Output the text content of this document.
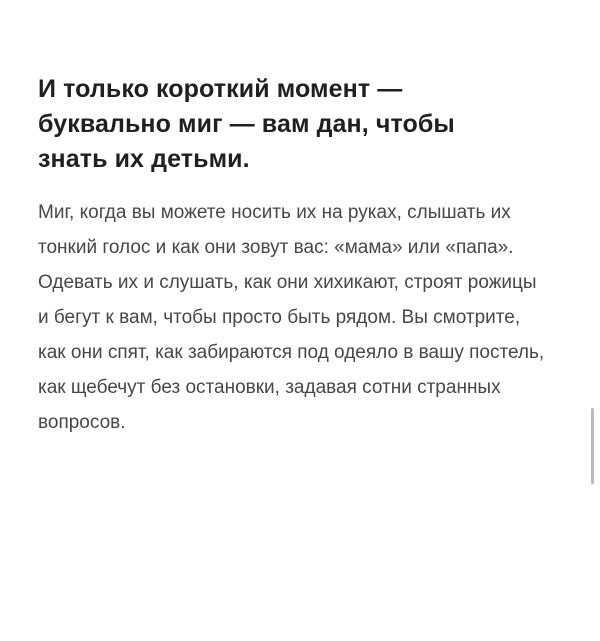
И только короткий момент — буквально миг — вам дан, чтобы знать их детьми.

Миг, когда вы можете носить их на руках, слышать их тонкий голос и как они зовут вас: «мама» или «папа». Одевать их и слушать, как они хихикают, строят рожицы и бегут к вам, чтобы просто быть рядом. Вы смотрите, как они спят, как забираются под одеяло в вашу постель, как щебечут без остановки, задавая сотни странных вопросов.
